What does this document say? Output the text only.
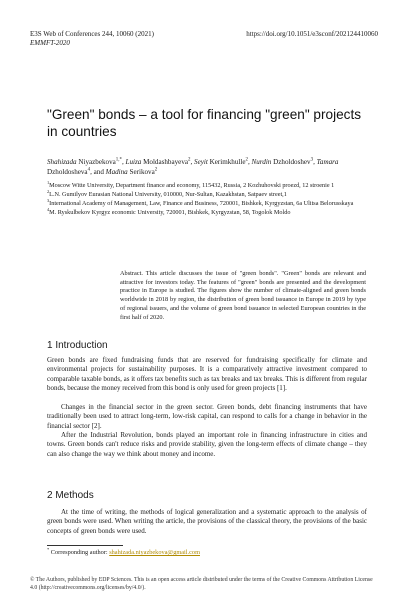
E3S Web of Conferences 244, 10060 (2021)	https://doi.org/10.1051/e3sconf/202124410060
EMMFT-2020
"Green" bonds – a tool for financing "green" projects in countries
Shahizada Niyazbekova$^{1,*}$, Luiza Moldashbayeva$^2$, Seyit Kerimkhulle$^2$, Nurdin Dzholdoshev$^3$, Tamara Dzholdosheva$^4$, and Madina Serikova$^2$

$^1$Moscow Witte University, Department finance and economy, 115432, Russia, 2 Kozhuhovski proezd, 12 stroenie 1

$^2$L.N. Gumilyov Eurasian National University, 010000, Nur-Sultan, Kazakhstan, Satpaev street,1

$^3$International Academy of Management, Law, Finance and Business, 720001, Bishkek, Kyrgyzstan, 6a Ulitsa Belorusskaya

$^4$M. Ryskulbekov Kyrgyz economic University, 720001, Bishkek, Kyrgyzstan, 58, Togolok Moldo

Abstract. This article discusses the issue of "green bonds". "Green" bonds are relevant and attractive for investors today. The features of "green" bonds are presented and the development practice in Europe is studied. The figures show the number of climate-aligned and green bonds worldwide in 2018 by region, the distribution of green bond issuance in Europe in 2019 by type of regional issuers, and the volume of green bond issuance in selected European countries in the first half of 2020.
1 Introduction

Green bonds are fixed fundraising funds that are reserved for fundraising specifically for climate and environmental projects for sustainability purposes. It is a comparatively attractive investment compared to comparable taxable bonds, as it offers tax benefits such as tax breaks and tax breaks. This is different from regular bonds, because the money received from this bond is only used for green projects [1].

Changes in the financial sector in the green sector. Green bonds, debt financing instruments that have traditionally been used to attract long-term, low-risk capital, can respond to calls for a change in behavior in the financial sector [2].

After the Industrial Revolution, bonds played an important role in financing infrastructure in cities and towns. Green bonds can't reduce risks and provide stability, given the long-term effects of climate change – they can also change the way we think about money and income.

2 Methods

At the time of writing, the methods of logical generalization and a systematic approach to the analysis of green bonds were used. When writing the article, the provisions of the classical theory, the provisions of the basic concepts of green bonds were used.

* Corresponding author: shahizada.niyazbekova@gmail.com
© The Authors, published by EDP Sciences. This is an open access article distributed under the terms of the Creative Commons Attribution License 4.0 (http://creativecommons.org/licenses/by/4.0/).
